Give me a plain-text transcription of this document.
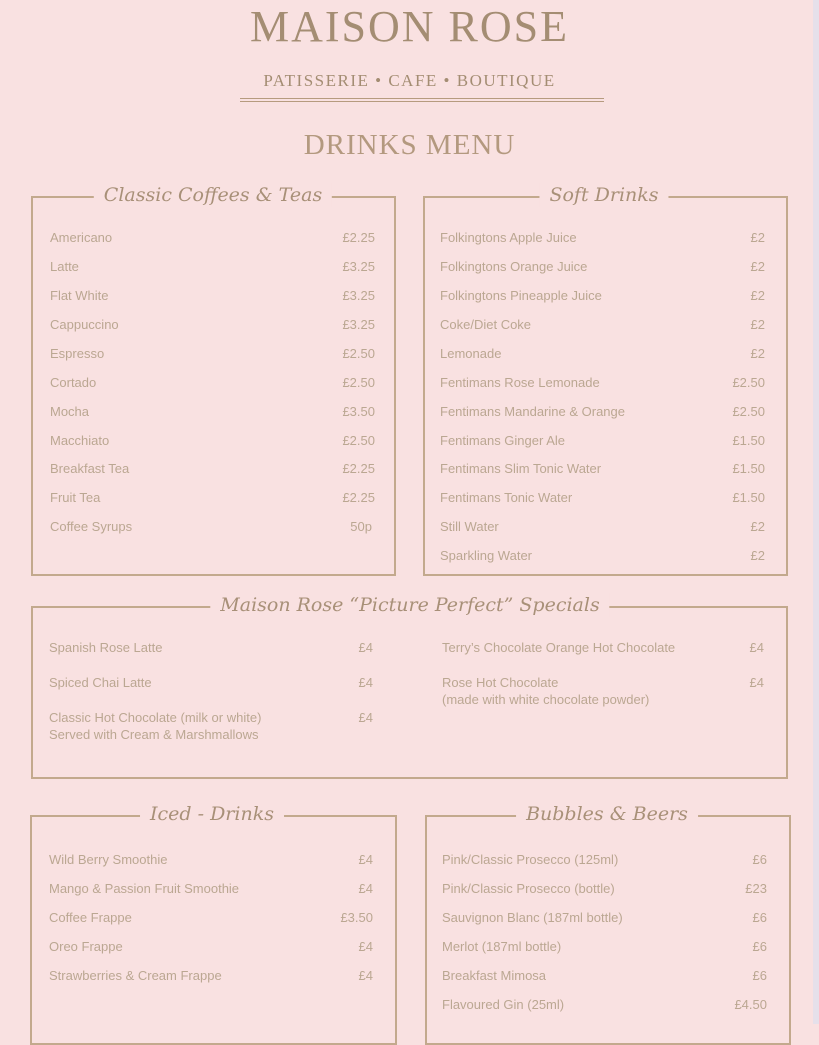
MAISON ROSE
PATISSERIE • CAFE • BOUTIQUE
DRINKS MENU
Classic Coffees & Teas
Americano	£2.25
Latte	£3.25
Flat White	£3.25
Cappuccino	£3.25
Espresso	£2.50
Cortado	£2.50
Mocha	£3.50
Macchiato	£2.50
Breakfast Tea	£2.25
Fruit Tea	£2.25
Coffee Syrups	50p
Soft Drinks
Folkingtons Apple Juice	£2
Folkingtons Orange Juice	£2
Folkingtons Pineapple Juice	£2
Coke/Diet Coke	£2
Lemonade	£2
Fentimans Rose Lemonade	£2.50
Fentimans Mandarine & Orange	£2.50
Fentimans Ginger Ale	£1.50
Fentimans Slim Tonic Water	£1.50
Fentimans Tonic Water	£1.50
Still Water	£2
Sparkling Water	£2
Maison Rose “Picture Perfect” Specials
Spanish Rose Latte	£4
Spiced Chai Latte	£4
Classic Hot Chocolate (milk or white)	£4
Served with Cream & Marshmallows
Terry’s Chocolate Orange Hot Chocolate	£4
Rose Hot Chocolate	£4
(made with white chocolate powder)
Iced - Drinks
Wild Berry Smoothie	£4
Mango & Passion Fruit Smoothie	£4
Coffee Frappe	£3.50
Oreo Frappe	£4
Strawberries & Cream Frappe	£4
Bubbles & Beers
Pink/Classic Prosecco (125ml)	£6
Pink/Classic Prosecco (bottle)	£23
Sauvignon Blanc (187ml bottle)	£6
Merlot (187ml bottle)	£6
Breakfast Mimosa	£6
Flavoured Gin (25ml)	£4.50
